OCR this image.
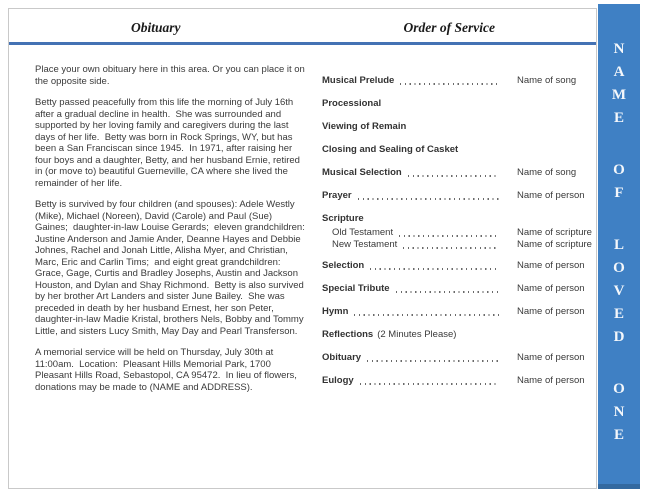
Obituary	Order of Service

Place your own obituary here in this area. Or you can place it on the opposite side.

Betty passed peacefully from this life the morning of July 16th after a gradual decline in health.  She was surrounded and supported by her loving family and caregivers during the last days of her life.  Betty was born in Rock Springs, WY, but has been a San Franciscan since 1945.  In 1971, after raising her four boys and a daughter, Betty, and her husband Ernie, retired in (or move to) beautiful Guerneville, CA where she lived the remainder of her life.

Betty is survived by four children (and spouses): Adele Westly (Mike), Michael (Noreen), David (Carole) and Paul (Sue) Gaines;  daughter-in-law Louise Gerards;  eleven grandchildren: Justine Anderson and Jamie Ander, Deanne Hayes and Debbie Johnes, Rachel and Jonah Little, Alisha Myer, and Christian, Marc, Eric and Carlin Tims;  and eight great grandchildren: Grace, Gage, Curtis and Bradley Josephs, Austin and Jackson Houston, and Dylan and Shay Richmond.  Betty is also survived by her brother Art Landers and sister June Bailey.  She was preceded in death by her husband Ernest, her son Peter, daughter-in-law Madie Kristal, brothers Nels, Bobby and Tommy Little, and sisters Lucy Smith, May Day and Pearl Transferson.

A memorial service will be held on Thursday, July 30th at 11:00am.  Location:  Pleasant Hills Memorial Park, 1700 Pleasant Hills Road, Sebastopol, CA 95472.  In lieu of flowers, donations may be made to (NAME and ADDRESS).

Musical Prelude	Name of song
Processional
Viewing of Remain
Closing and Sealing of Casket
Musical Selection	Name of song
Prayer	Name of person
Scripture
Old Testament	Name of scripture
New Testament	Name of scripture
Selection	Name of person
Special Tribute	Name of person
Hymn	Name of person
Reflections (2 Minutes Please)
Obituary	Name of person
Eulogy	Name of person
N
A
M
E
O
F
L
O
V
E
D
O
N
E
